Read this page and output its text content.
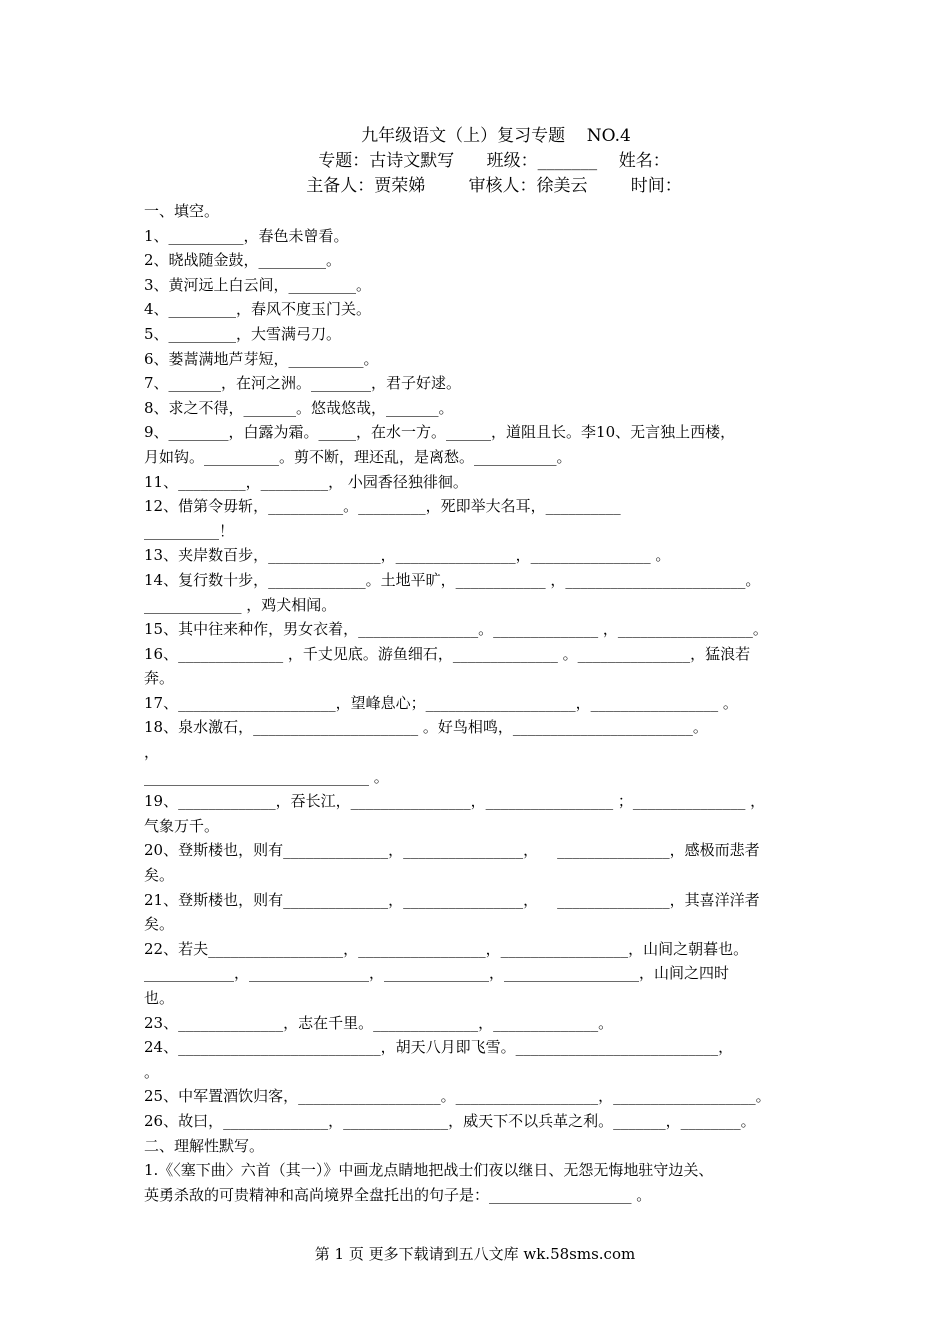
九年级语文（上）复习专题    NO.4
专题：古诗文默写      班级：_______    姓名：
主备人：贾荣娣        审核人：徐美云        时间：
一、填空。
1、__________，春色未曾看。
2、晓战随金鼓，_________。
3、黄河远上白云间，_________。
4、_________，春风不度玉门关。
5、_________，大雪满弓刀。
6、蒌蒿满地芦芽短，__________。
7、_______，在河之洲。________，君子好逑。
8、求之不得，_______。悠哉悠哉，_______。
9、________，白露为霜。_____，在水一方。______，道阻且长。李10、无言独上西楼，
月如钩。__________。剪不断，理还乱，是离愁。___________。
11、_________，_________， 小园香径独徘徊。
12、借第令毋斩，__________。_________，死即举大名耳，__________
__________！
13、夹岸数百步，_______________，________________，________________ 。
14、复行数十步，_____________。土地平旷，____________ ，________________________。
_____________ ，鸡犬相闻。
15、其中往来种作，男女衣着，________________。______________ ，__________________。
16、______________ ，千丈见底。游鱼细石，______________ 。_______________，猛浪若
奔。
17、_____________________，望峰息心；____________________，_________________ 。
18、泉水激石，______________________ 。好鸟相鸣，________________________。
，
______________________________ 。
19、_____________，吞长江，________________，_________________ ；_______________ ，
气象万千。
20、登斯楼也，则有______________，________________，    _______________，感极而悲者
矣。
21、登斯楼也，则有______________，________________，    _______________，其喜洋洋者
矣。
22、若夫__________________，_________________，_________________，山间之朝暮也。
____________，________________，______________，__________________，山间之四时
也。
23、______________，志在千里。______________，______________。
24、___________________________，胡天八月即飞雪。___________________________，
。
25、中军置酒饮归客，___________________。___________________，___________________。
26、故曰，______________，______________，威天下不以兵革之利。_______，________。
二、理解性默写。
1.《〈塞下曲〉六首（其一）》中画龙点睛地把战士们夜以继日、无怨无悔地驻守边关、
英勇杀敌的可贵精神和高尚境界全盘托出的句子是：___________________ 。
第 1 页 更多下载请到五八文库 wk.58sms.com
